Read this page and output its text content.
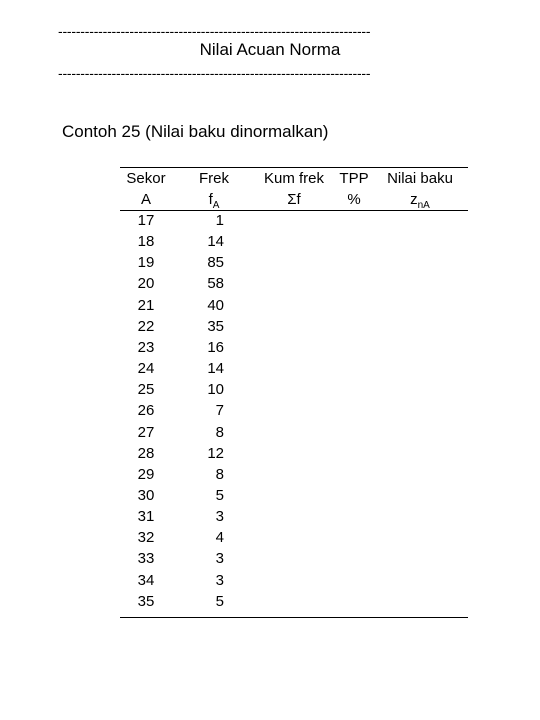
----------------------------------------------------------------------
Nilai Acuan Norma
----------------------------------------------------------------------
Contoh 25 (Nilai baku dinormalkan)
Sekor	Frek	Kum frek	TPP	Nilai baku
A	$f_A$	Σf	%	$z_{nA}$
17	1
18	14
19	85
20	58
21	40
22	35
23	16
24	14
25	10
26	7
27	8
28	12
29	8
30	5
31	3
32	4
33	3
34	3
35	5
